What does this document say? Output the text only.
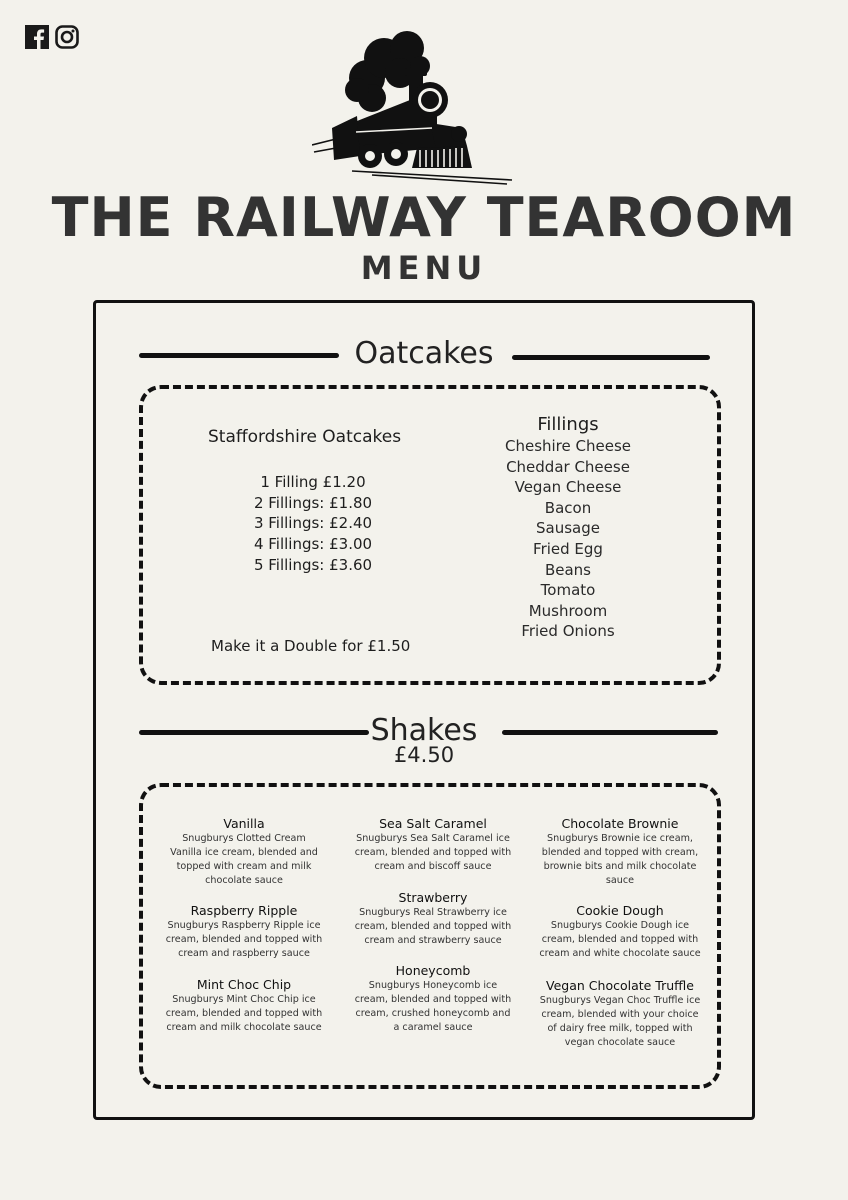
THE RAILWAY TEAROOM
MENU
Oatcakes
Staffordshire Oatcakes
1 Filling £1.20
2 Fillings: £1.80
3 Fillings: £2.40
4 Fillings: £3.00
5 Fillings: £3.60
Make it a Double for £1.50
Fillings
Cheshire Cheese
Cheddar Cheese
Vegan Cheese
Bacon
Sausage
Fried Egg
Beans
Tomato
Mushroom
Fried Onions
Shakes
£4.50
Vanilla
Snugburys Clotted Cream
Vanilla ice cream, blended and
topped with cream and milk
chocolate sauce
Raspberry Ripple
Snugburys Raspberry Ripple ice
cream, blended and topped with
cream and raspberry sauce
Mint Choc Chip
Snugburys Mint Choc Chip ice
cream, blended and topped with
cream and milk chocolate sauce
Sea Salt Caramel
Snugburys Sea Salt Caramel ice
cream, blended and topped with
cream and biscoff sauce
Strawberry
Snugburys Real Strawberry ice
cream, blended and topped with
cream and strawberry sauce
Honeycomb
Snugburys Honeycomb ice
cream, blended and topped with
cream, crushed honeycomb and
a caramel sauce
Chocolate Brownie
Snugburys Brownie ice cream,
blended and topped with cream,
brownie bits and milk chocolate
sauce
Cookie Dough
Snugburys Cookie Dough ice
cream, blended and topped with
cream and white chocolate sauce
Vegan Chocolate Truffle
Snugburys Vegan Choc Truffle ice
cream, blended with your choice
of dairy free milk, topped with
vegan chocolate sauce
